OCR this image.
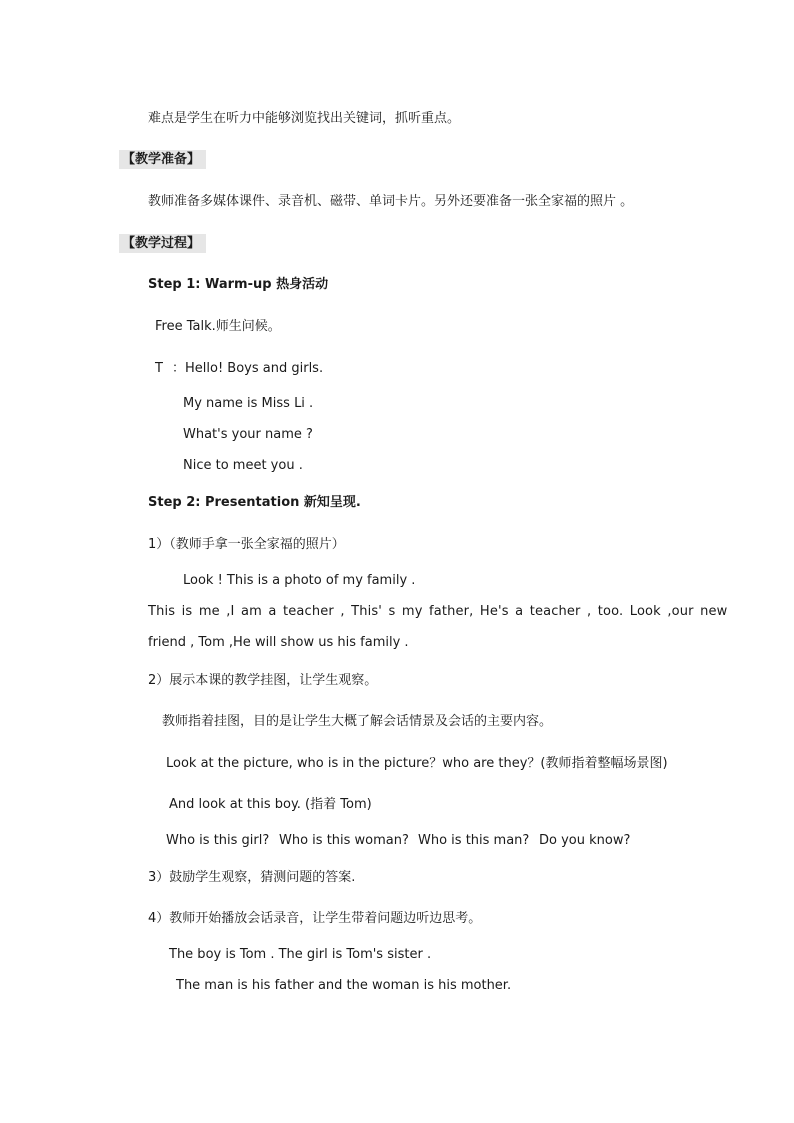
难点是学生在听力中能够浏览找出关键词，抓听重点。
【教学准备】
教师准备多媒体课件、录音机、磁带、单词卡片。另外还要准备一张全家福的照片 。
【教学过程】
Step 1: Warm-up 热身活动
Free Talk.师生问候。
T ：Hello! Boys and girls.
My name is Miss Li .
What's your name ?
Nice to meet you .
Step 2: Presentation 新知呈现.
1）（教师手拿一张全家福的照片）
Look ! This is a photo of my family .
This is me ,I am a teacher , This' s my father, He's a teacher , too. Look ,our new
friend , Tom ,He will show us his family .
2）展示本课的教学挂图，让学生观察。
教师指着挂图，目的是让学生大概了解会话情景及会话的主要内容。
Look at the picture, who is in the picture？who are they？(教师指着整幅场景图)
And look at this boy. (指着 Tom)
Who is this girl? Who is this woman? Who is this man? Do you know?
3）鼓励学生观察，猜测问题的答案.
4）教师开始播放会话录音，让学生带着问题边听边思考。
The boy is Tom . The girl is Tom's sister .
The man is his father and the woman is his mother.
